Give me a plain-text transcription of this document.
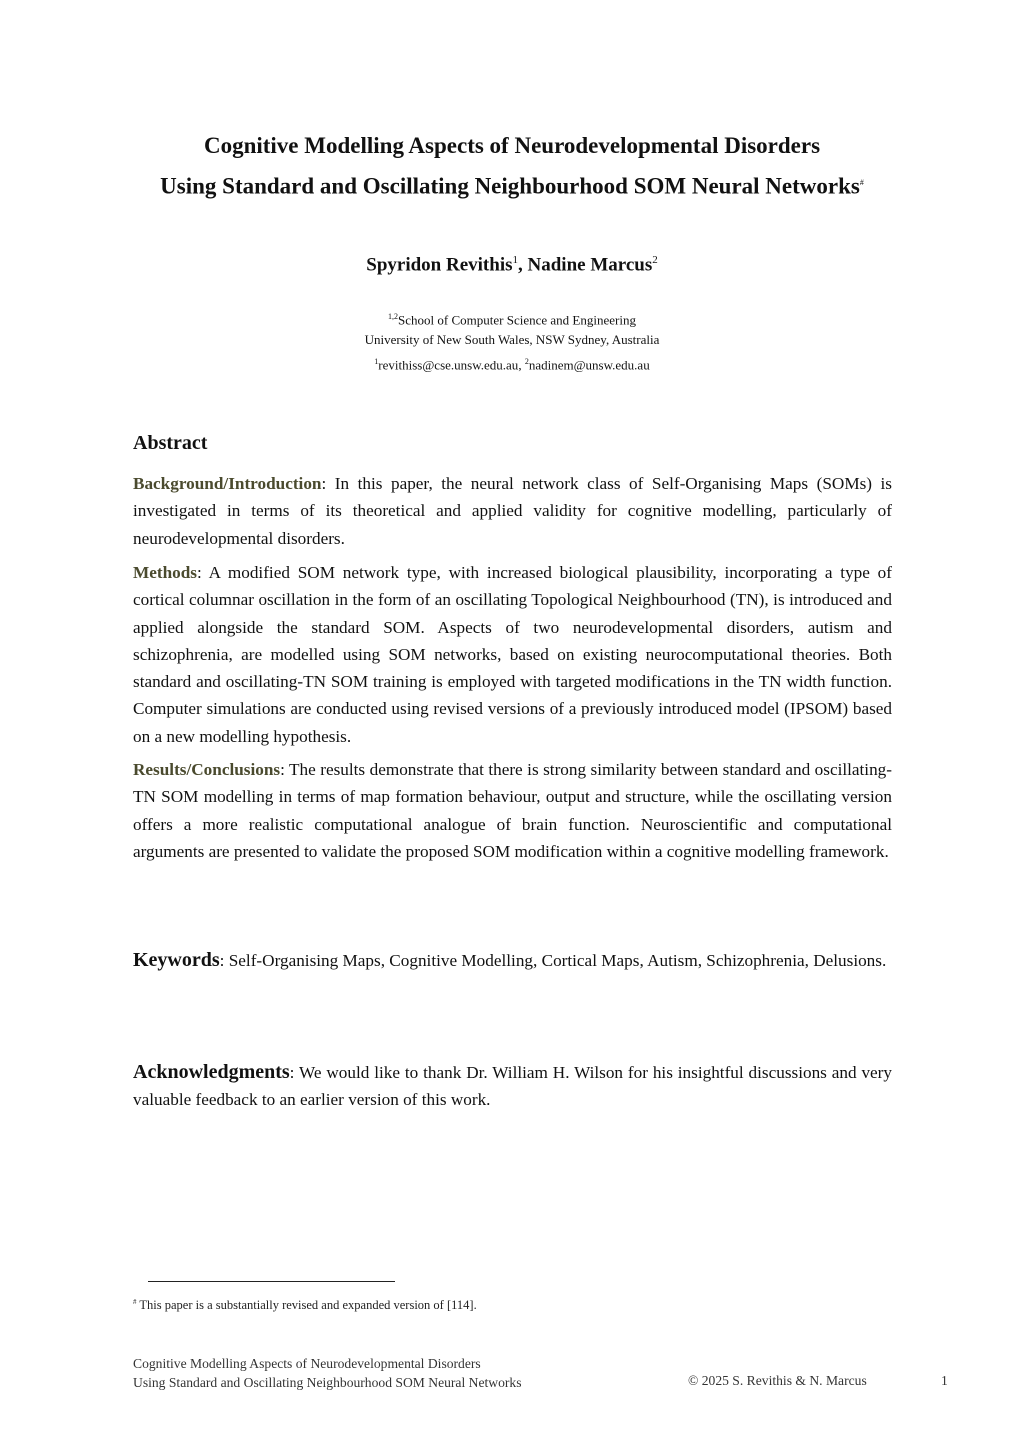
Cognitive Modelling Aspects of Neurodevelopmental Disorders
Using Standard and Oscillating Neighbourhood SOM Neural Networks#
Spyridon Revithis$^1$, Nadine Marcus$^2$
$^{1,2}$School of Computer Science and Engineering
University of New South Wales, NSW Sydney, Australia
$^1$revithiss@cse.unsw.edu.au, $^2$nadinem@unsw.edu.au
Abstract
Background/Introduction: In this paper, the neural network class of Self-Organising Maps (SOMs) is investigated in terms of its theoretical and applied validity for cognitive modelling, particularly of neurodevelopmental disorders.
Methods: A modified SOM network type, with increased biological plausibility, incorporating a type of cortical columnar oscillation in the form of an oscillating Topological Neighbourhood (TN), is introduced and applied alongside the standard SOM. Aspects of two neurodevelopmental disorders, autism and schizophrenia, are modelled using SOM networks, based on existing neurocomputational theories. Both standard and oscillating-TN SOM training is employed with targeted modifications in the TN width function. Computer simulations are conducted using revised versions of a previously introduced model (IPSOM) based on a new modelling hypothesis.
Results/Conclusions: The results demonstrate that there is strong similarity between standard and oscillating-TN SOM modelling in terms of map formation behaviour, output and structure, while the oscillating version offers a more realistic computational analogue of brain function. Neuroscientific and computational arguments are presented to validate the proposed SOM modification within a cognitive modelling framework.
Keywords: Self-Organising Maps, Cognitive Modelling, Cortical Maps, Autism, Schizophrenia, Delusions.
Acknowledgments: We would like to thank Dr. William H. Wilson for his insightful discussions and very valuable feedback to an earlier version of this work.
# This paper is a substantially revised and expanded version of [114].
Cognitive Modelling Aspects of Neurodevelopmental Disorders
Using Standard and Oscillating Neighbourhood SOM Neural Networks	© 2025 S. Revithis & N. Marcus	1
